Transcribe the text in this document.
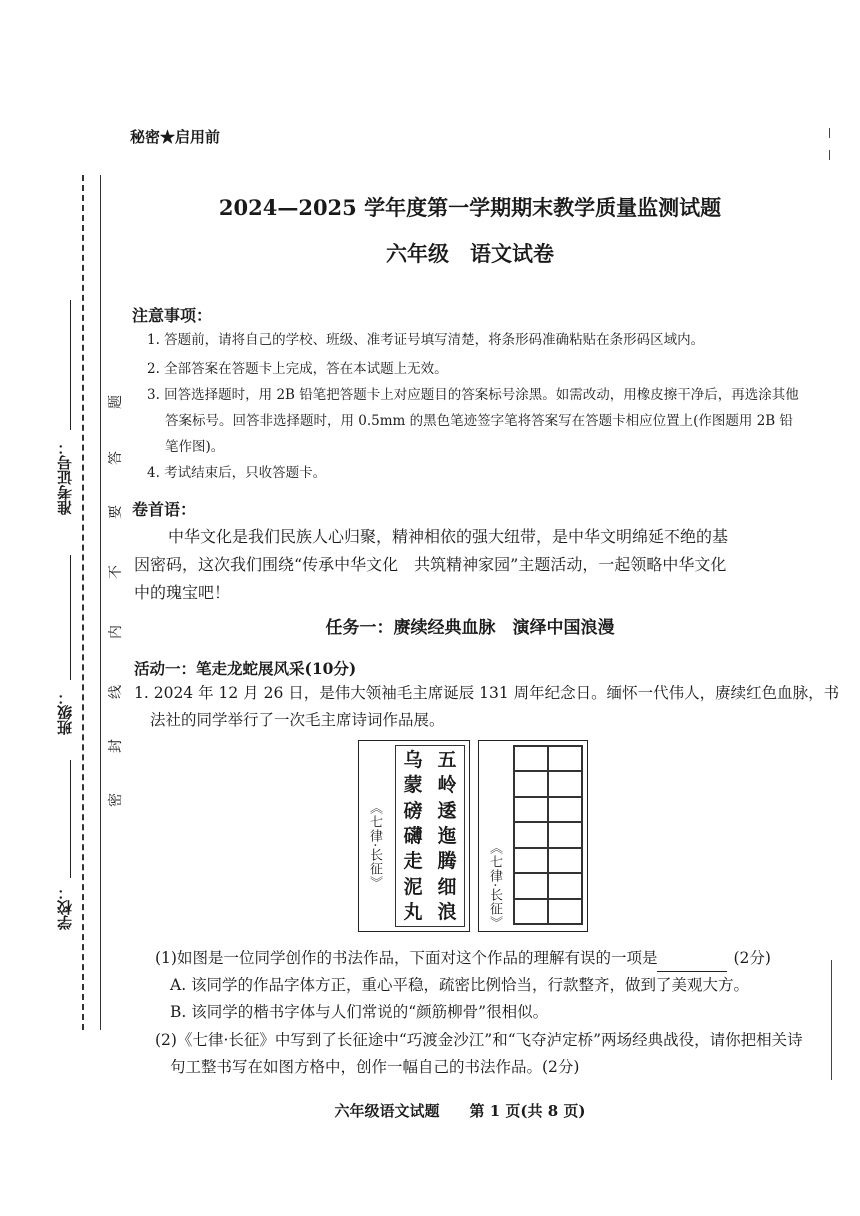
秘密★启用前
2024—2025 学年度第一学期期末教学质量监测试题
六年级　语文试卷
准考证号：
班级：
学校：
密
封
线
内
不
要
答
题
注意事项：
1. 答题前，请将自己的学校、班级、准考证号填写清楚，将条形码准确粘贴在条形码区域内。
2. 全部答案在答题卡上完成，答在本试题上无效。
3. 回答选择题时，用 2B 铅笔把答题卡上对应题目的答案标号涂黑。如需改动，用橡皮擦干净后，再选涂其他
答案标号。回答非选择题时，用 0.5mm 的黑色笔迹签字笔将答案写在答题卡相应位置上(作图题用 2B 铅
笔作图)。
4. 考试结束后，只收答题卡。
卷首语：
中华文化是我们民族人心归聚，精神相依的强大纽带，是中华文明绵延不绝的基
因密码，这次我们围绕“传承中华文化　共筑精神家园”主题活动，一起领略中华文化
中的瑰宝吧！
任务一：赓续经典血脉　演绎中国浪漫
活动一：笔走龙蛇展风采(10分)
1. 2024 年 12 月 26 日，是伟大领袖毛主席诞辰 131 周年纪念日。缅怀一代伟人，赓续红色血脉，书
法社的同学举行了一次毛主席诗词作品展。
《七律·长征》
五
岭
逶
迤
腾
细
浪
乌
蒙
磅
礴
走
泥
丸	《七律·长征》
(1)如图是一位同学创作的书法作品，下面对这个作品的理解有误的一项是	(2分)
A. 该同学的作品字体方正，重心平稳，疏密比例恰当，行款整齐，做到了美观大方。
B. 该同学的楷书字体与人们常说的“颜筋柳骨”很相似。
(2)《七律·长征》中写到了长征途中“巧渡金沙江”和“飞夺泸定桥”两场经典战役，请你把相关诗
句工整书写在如图方格中，创作一幅自己的书法作品。(2分)
六年级语文试题　　第 1 页(共 8 页)
